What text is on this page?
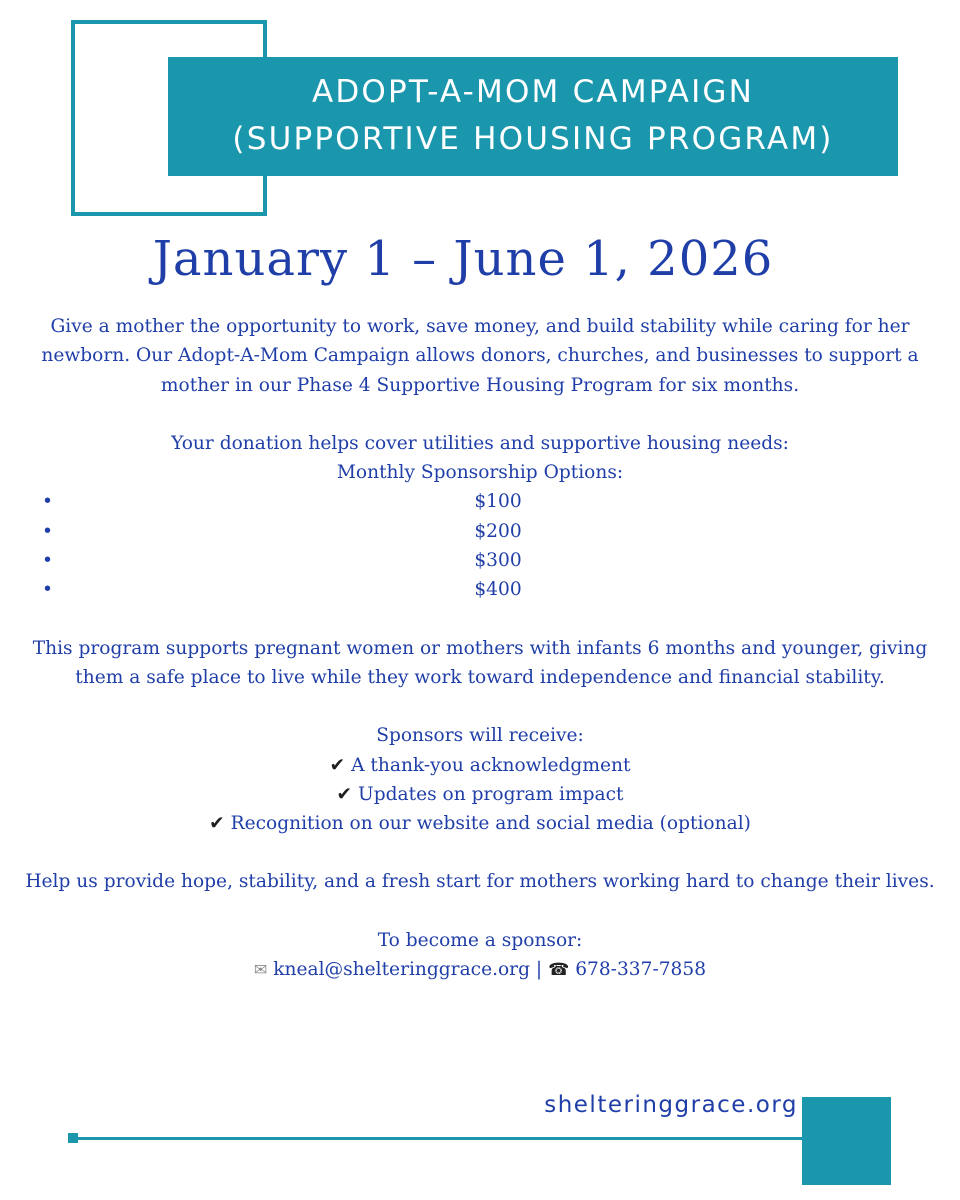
ADOPT-A-MOM CAMPAIGN
(SUPPORTIVE HOUSING PROGRAM)
January 1 – June 1, 2026

Give a mother the opportunity to work, save money, and build stability while caring for her newborn. Our Adopt-A-Mom Campaign allows donors, churches, and businesses to support a mother in our Phase 4 Supportive Housing Program for six months.

Your donation helps cover utilities and supportive housing needs:

Monthly Sponsorship Options:

•	$100
•	$200
•	$300
•	$400

This program supports pregnant women or mothers with infants 6 months and younger, giving them a safe place to live while they work toward independence and financial stability.

Sponsors will receive:

✔ A thank-you acknowledgment

✔ Updates on program impact

✔ Recognition on our website and social media (optional)

Help us provide hope, stability, and a fresh start for mothers working hard to change their lives.

To become a sponsor:

✉ kneal@shelteringgrace.org | ☎ 678-337-7858

shelteringgrace.org
